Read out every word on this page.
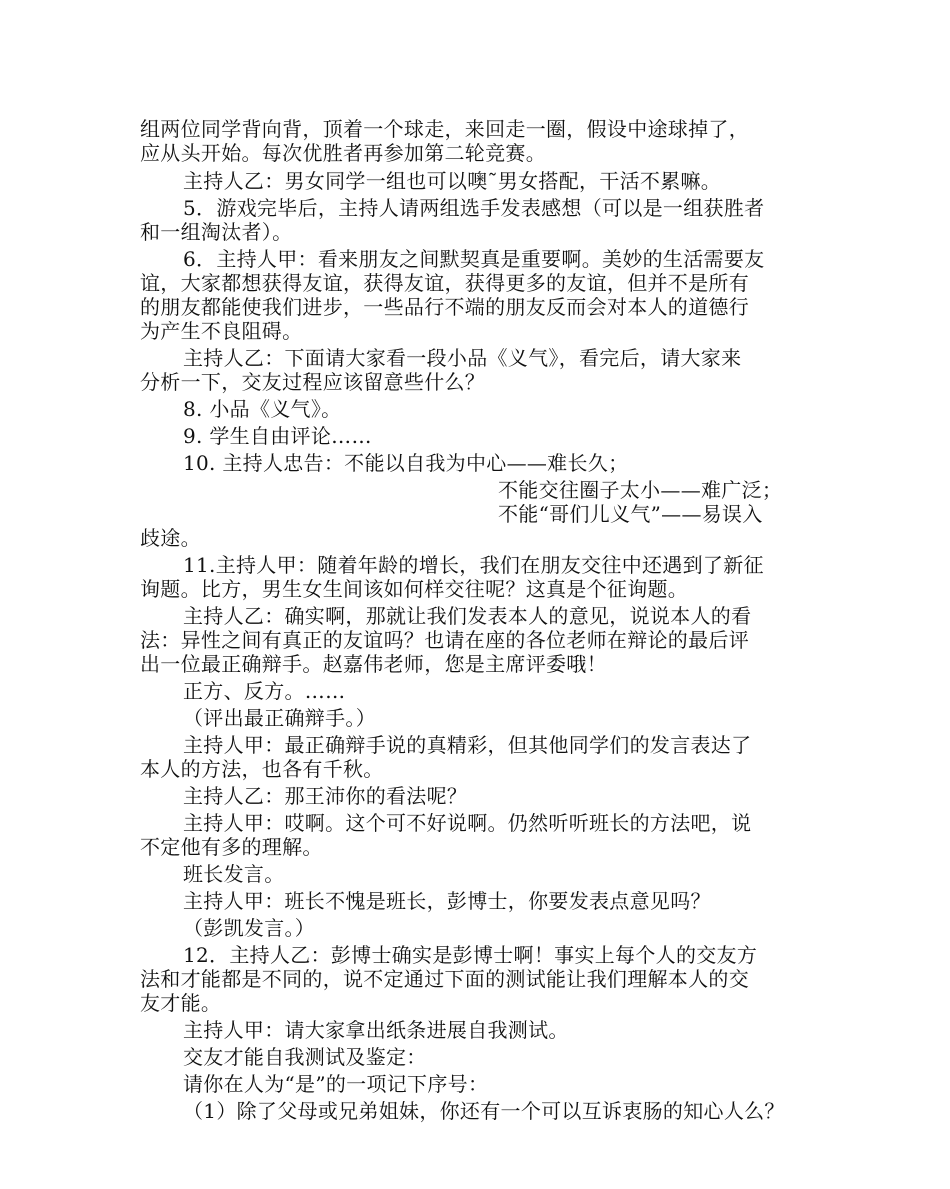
组两位同学背向背，顶着一个球走，来回走一圈，假设中途球掉了，
应从头开始。每次优胜者再参加第二轮竞赛。
主持人乙：男女同学一组也可以噢˜男女搭配，干活不累嘛。
5．游戏完毕后，主持人请两组选手发表感想（可以是一组获胜者
和一组淘汰者）。
6．主持人甲：看来朋友之间默契真是重要啊。美妙的生活需要友
谊，大家都想获得友谊，获得友谊，获得更多的友谊，但并不是所有
的朋友都能使我们进步，一些品行不端的朋友反而会对本人的道德行
为产生不良阻碍。
主持人乙：下面请大家看一段小品《义气》，看完后，请大家来
分析一下，交友过程应该留意些什么？
8. 小品《义气》。
9. 学生自由评论……
10. 主持人忠告：不能以自我为中心——难长久；
不能交往圈子太小——难广泛；
不能“哥们儿义气”——易误入
歧途。
11.主持人甲：随着年龄的增长，我们在朋友交往中还遇到了新征
询题。比方，男生女生间该如何样交往呢？这真是个征询题。
主持人乙：确实啊，那就让我们发表本人的意见，说说本人的看
法：异性之间有真正的友谊吗？也请在座的各位老师在辩论的最后评
出一位最正确辩手。赵嘉伟老师，您是主席评委哦！
正方、反方。……
（评出最正确辩手。）
主持人甲：最正确辩手说的真精彩，但其他同学们的发言表达了
本人的方法，也各有千秋。
主持人乙：那王沛你的看法呢？
主持人甲：哎啊。这个可不好说啊。仍然听听班长的方法吧，说
不定他有多的理解。
班长发言。
主持人甲：班长不愧是班长，彭博士，你要发表点意见吗？
（彭凯发言。）
12．主持人乙：彭博士确实是彭博士啊！事实上每个人的交友方
法和才能都是不同的，说不定通过下面的测试能让我们理解本人的交
友才能。
主持人甲：请大家拿出纸条进展自我测试。
交友才能自我测试及鉴定：
请你在人为“是”的一项记下序号：
（1）除了父母或兄弟姐妹，你还有一个可以互诉衷肠的知心人么？
